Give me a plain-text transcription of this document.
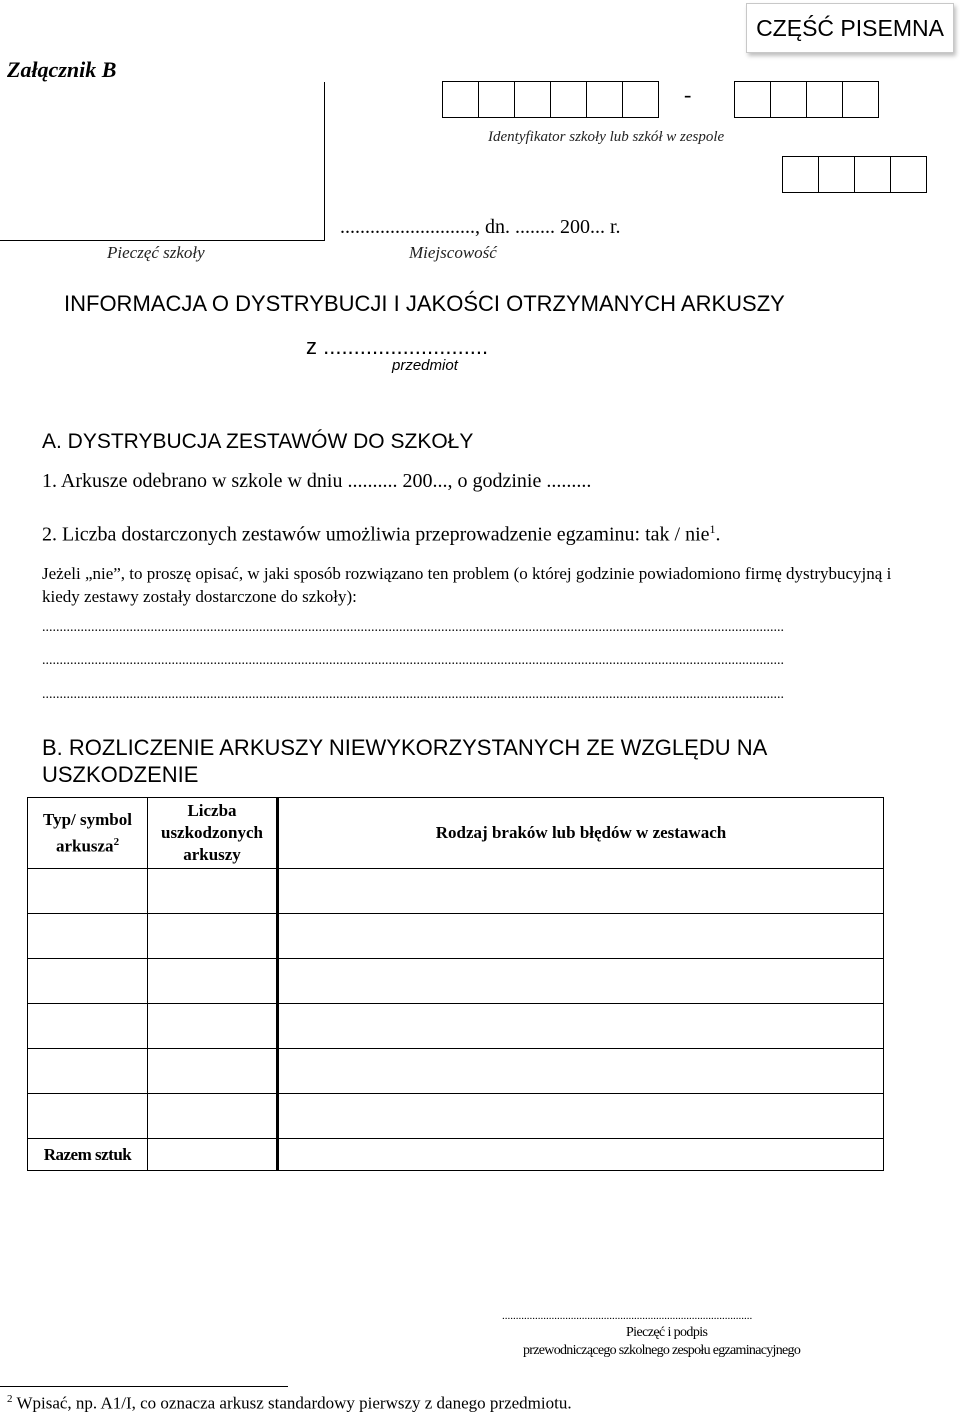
CZĘŚĆ PISEMNA
Załącznik B
Pieczęć szkoły
-
Identyfikator szkoły lub szkół w zespole
..........................., dn. ........ 200... r.
Miejscowość
INFORMACJA O DYSTRYBUCJI I JAKOŚCI OTRZYMANYCH ARKUSZY
z ...........................
przedmiot
A. DYSTRYBUCJA ZESTAWÓW DO SZKOŁY
1. Arkusze odebrano w szkole w dniu .......... 200..., o godzinie .........
2. Liczba dostarczonych zestawów umożliwia przeprowadzenie egzaminu: tak / nie$^1$.
Jeżeli „nie”, to proszę opisać, w jaki sposób rozwiązano ten problem (o której godzinie powiadomiono firmę dystrybucyjną i kiedy zestawy zostały dostarczone do szkoły):
....................................................................................................................................................................................................................
....................................................................................................................................................................................................................
....................................................................................................................................................................................................................
B. ROZLICZENIE ARKUSZY NIEWYKORZYSTANYCH ZE WZGLĘDU NA USZKODZENIE
Typ/ symbol arkusza$^2$	Liczba uszkodzonych arkuszy	Rodzaj braków lub błędów w zestawach

Razem sztuk		
...........................................................................................
Pieczęć i podpis
przewodniczącego szkolnego zespołu egzaminacyjnego
$^2$ Wpisać, np. A1/I, co oznacza arkusz standardowy pierwszy z danego przedmiotu.
